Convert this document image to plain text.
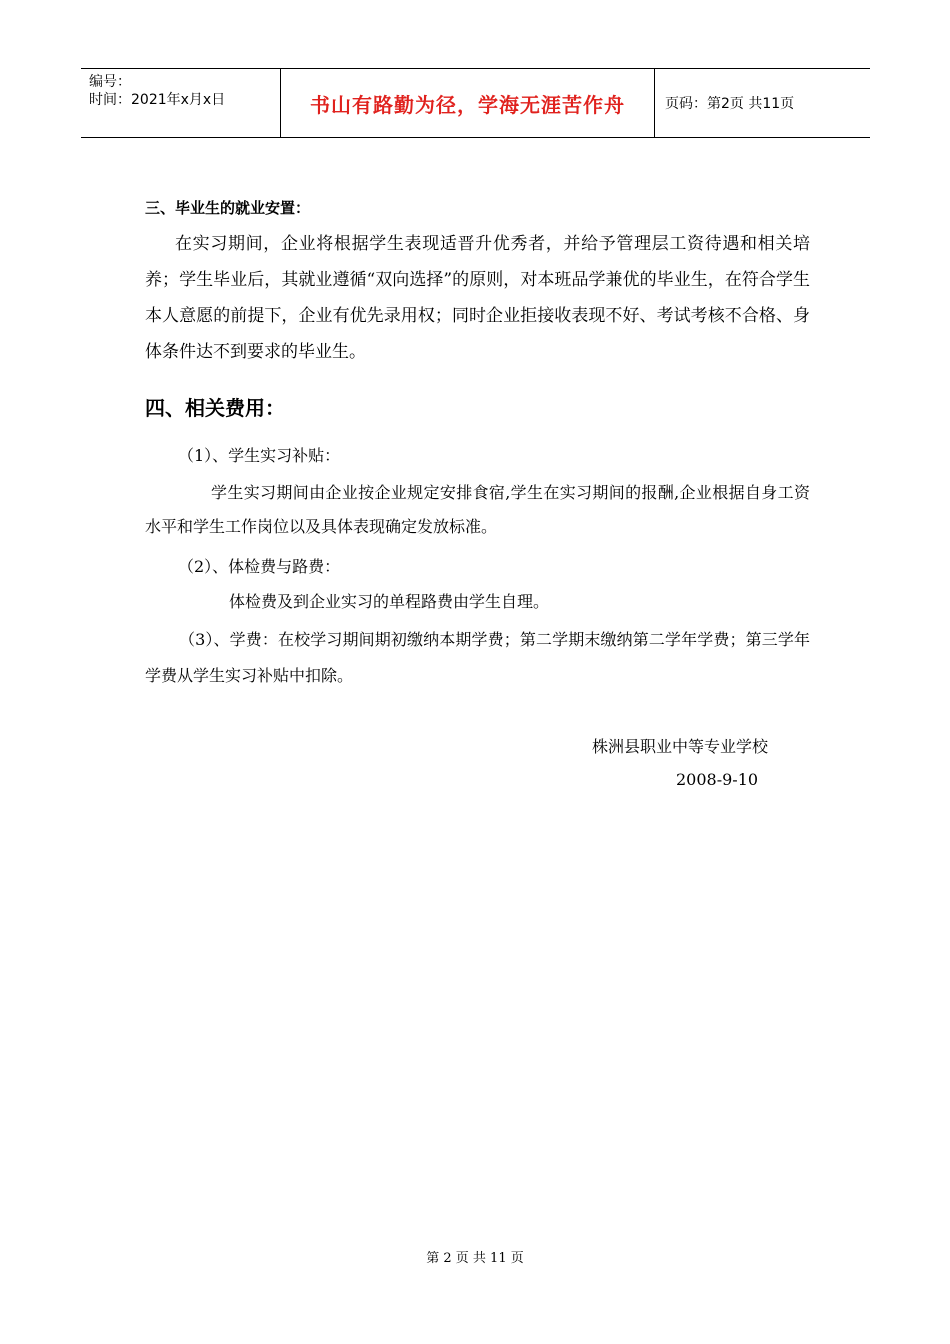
编号：
时间：2021年x月x日	书山有路勤为径，学海无涯苦作舟	页码：第2页 共11页
三、毕业生的就业安置：
在实习期间，企业将根据学生表现适晋升优秀者，并给予管理层工资待遇和相关培养；学生毕业后，其就业遵循“双向选择”的原则，对本班品学兼优的毕业生，在符合学生本人意愿的前提下，企业有优先录用权；同时企业拒接收表现不好、考试考核不合格、身体条件达不到要求的毕业生。
四、相关费用：
（1）、学生实习补贴：
学生实习期间由企业按企业规定安排食宿,学生在实习期间的报酬,企业根据自身工资水平和学生工作岗位以及具体表现确定发放标准。
（2）、体检费与路费：
体检费及到企业实习的单程路费由学生自理。
（3）、学费：在校学习期间期初缴纳本期学费；第二学期末缴纳第二学年学费；第三学年学费从学生实习补贴中扣除。
株洲县职业中等专业学校
2008-9-10
第 2 页 共 11 页
